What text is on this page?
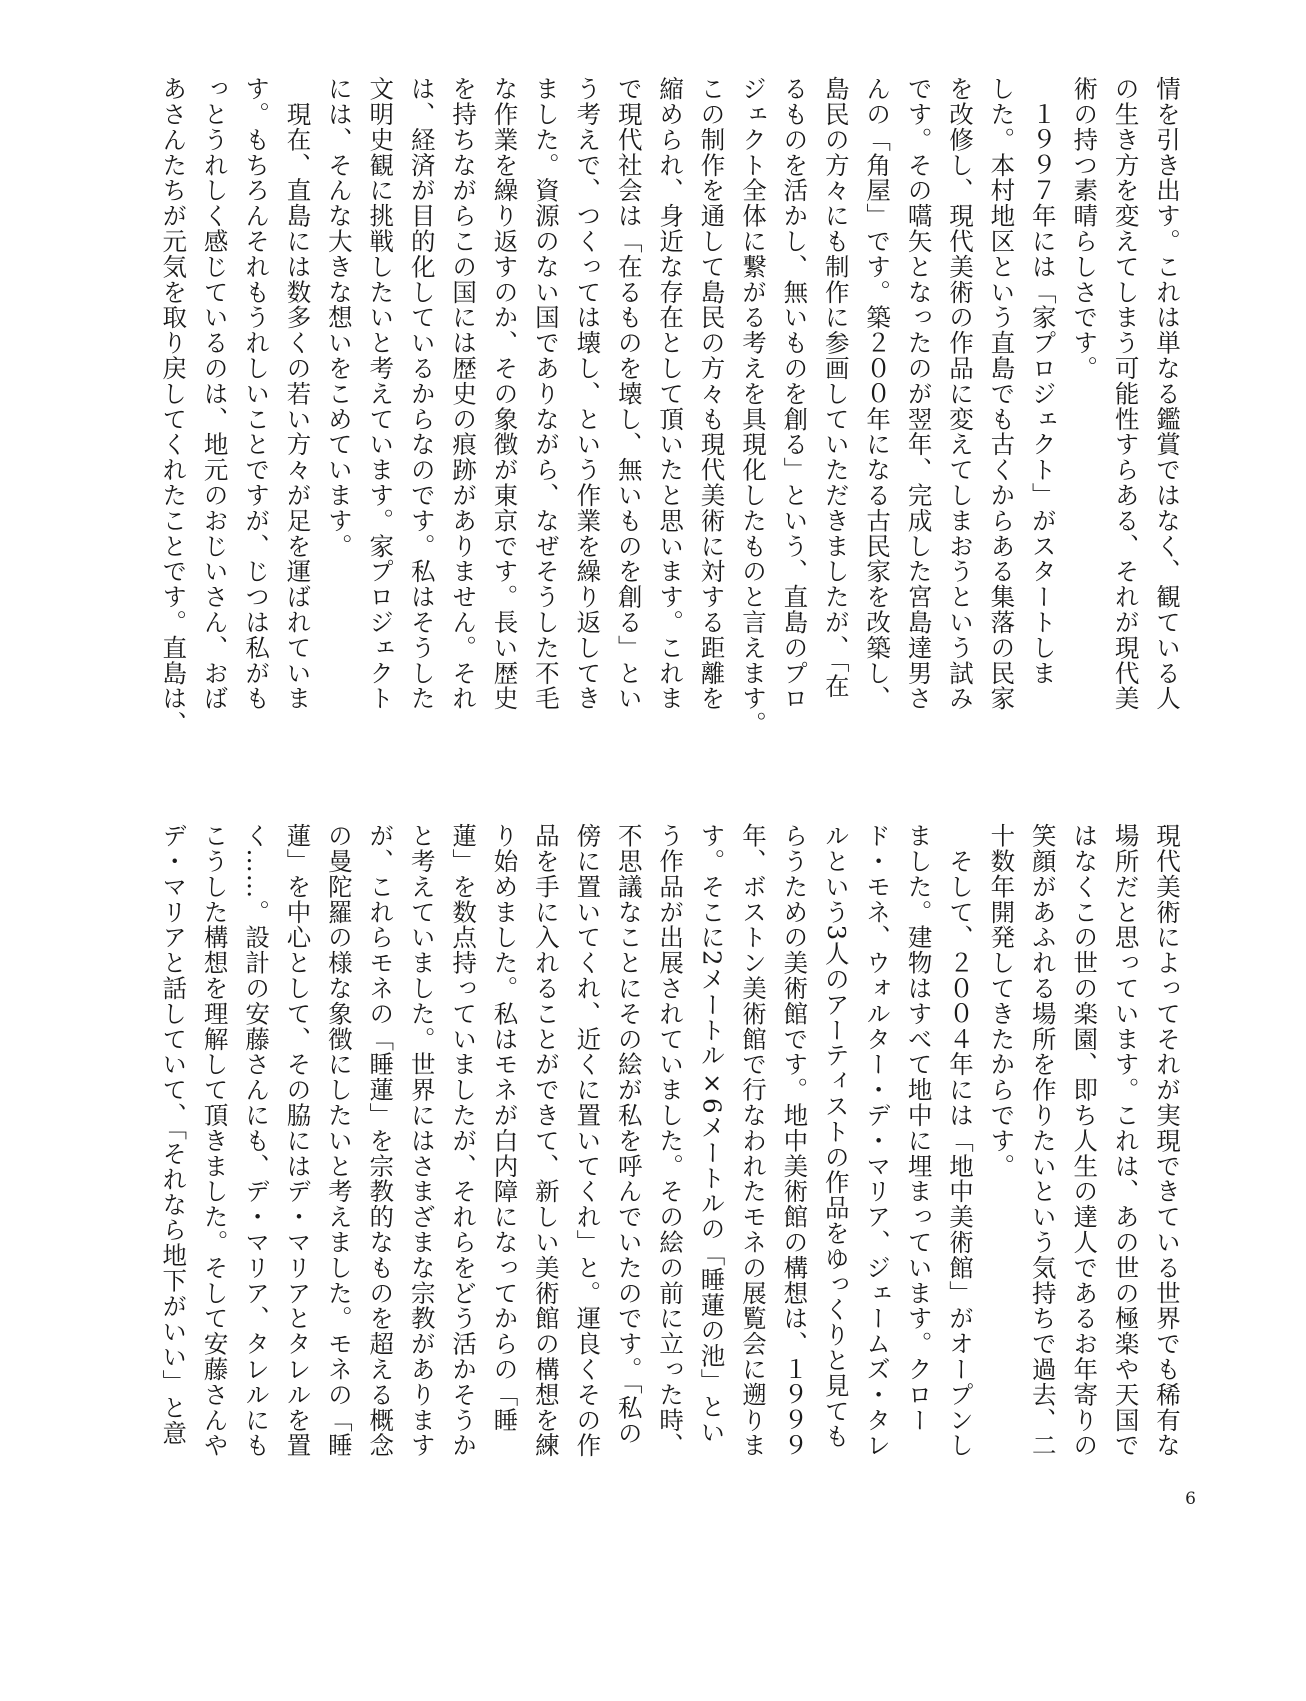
情を引き出す。これは単なる鑑賞ではなく、観ている人
の生き方を変えてしまう可能性すらある、それが現代美
術の持つ素晴らしさです。
　１９９７年には「家プロジェクト」がスタートしま
した。本村地区という直島でも古くからある集落の民家
を改修し、現代美術の作品に変えてしまおうという試み
です。その嚆矢となったのが翌年、完成した宮島達男さ
んの「角屋」です。築２００年になる古民家を改築し、
島民の方々にも制作に参画していただきましたが、「在
るものを活かし、無いものを創る」という、直島のプロ
ジェクト全体に繋がる考えを具現化したものと言えます。
この制作を通して島民の方々も現代美術に対する距離を
縮められ、身近な存在として頂いたと思います。これま
で現代社会は「在るものを壊し、無いものを創る」とい
う考えで、つくっては壊し、という作業を繰り返してき
ました。資源のない国でありながら、なぜそうした不毛
な作業を繰り返すのか、その象徴が東京です。長い歴史
を持ちながらこの国には歴史の痕跡がありません。それ
は、経済が目的化しているからなのです。私はそうした
文明史観に挑戦したいと考えています。家プロジェクト
には、そんな大きな想いをこめています。
　現在、直島には数多くの若い方々が足を運ばれていま
す。もちろんそれもうれしいことですが、じつは私がも
っとうれしく感じているのは、地元のおじいさん、おば
あさんたちが元気を取り戻してくれたことです。直島は、
現代美術によってそれが実現できている世界でも稀有な
場所だと思っています。これは、あの世の極楽や天国で
はなくこの世の楽園、即ち人生の達人であるお年寄りの
笑顔があふれる場所を作りたいという気持ちで過去、二
十数年開発してきたからです。
　そして、２００４年には「地中美術館」がオープンし
ました。建物はすべて地中に埋まっています。クロー
ド・モネ、ウォルター・デ・マリア、ジェームズ・タレ
ルという3人のアーティストの作品をゆっくりと見ても
らうための美術館です。地中美術館の構想は、１９９９
年、ボストン美術館で行なわれたモネの展覧会に遡りま
す。そこに2メートル×6メートルの「睡蓮の池」とい
う作品が出展されていました。その絵の前に立った時、
不思議なことにその絵が私を呼んでいたのです。「私の
傍に置いてくれ、近くに置いてくれ」と。運良くその作
品を手に入れることができて、新しい美術館の構想を練
り始めました。私はモネが白内障になってからの「睡
蓮」を数点持っていましたが、それらをどう活かそうか
と考えていました。世界にはさまざまな宗教があります
が、これらモネの「睡蓮」を宗教的なものを超える概念
の曼陀羅の様な象徴にしたいと考えました。モネの「睡
蓮」を中心として、その脇にはデ・マリアとタレルを置
く……。設計の安藤さんにも、デ・マリア、タレルにも
こうした構想を理解して頂きました。そして安藤さんや
デ・マリアと話していて、「それなら地下がいい」と意
6
